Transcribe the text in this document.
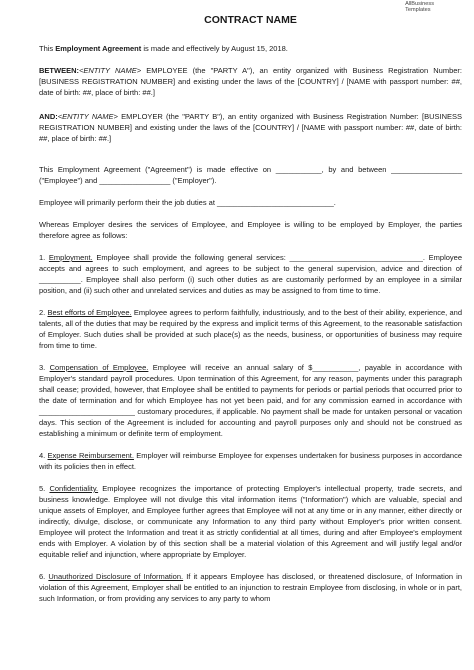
AllBusiness
Templates
CONTRACT NAME

This Employment Agreement is made and effectively by August 15, 2018.

BETWEEN:<ENTITY NAME> EMPLOYEE (the "PARTY A"), an entity organized with Business Registration Number: [BUSINESS REGISTRATION NUMBER] and existing under the laws of the [COUNTRY] / [NAME with passport number: ##, date of birth: ##, place of birth: ##.]

AND:<ENTITY NAME> EMPLOYER (the "PARTY B"), an entity organized with Business Registration Number: [BUSINESS REGISTRATION NUMBER] and existing under the laws of the [COUNTRY] / [NAME with passport number: ##, date of birth: ##, place of birth: ##.]

This Employment Agreement ("Agreement") is made effective on ___________, by and between _________________ ("Employee") and _________________ ("Employer").

Employee will primarily perform their the job duties at ____________________________.

Whereas Employer desires the services of Employee, and Employee is willing to be employed by Employer, the parties therefore agree as follows:

1. Employment. Employee shall provide the following general services: ________________________________. Employee accepts and agrees to such employment, and agrees to be subject to the general supervision, advice and direction of __________. Employee shall also perform (i) such other duties as are customarily performed by an employee in a similar position, and (ii) such other and unrelated services and duties as may be assigned to from time to time.

2. Best efforts of Employee. Employee agrees to perform faithfully, industriously, and to the best of their ability, experience, and talents, all of the duties that may be required by the express and implicit terms of this Agreement, to the reasonable satisfaction of Employer. Such duties shall be provided at such place(s) as the needs, business, or opportunities of business may require from time to time.

3. Compensation of Employee. Employee will receive an annual salary of $___________, payable in accordance with Employer's standard payroll procedures. Upon termination of this Agreement, for any reason, payments under this paragraph shall cease; provided, however, that Employee shall be entitled to payments for periods or partial periods that occurred prior to the date of termination and for which Employee has not yet been paid, and for any commission earned in accordance with _______________________ customary procedures, if applicable. No payment shall be made for untaken personal or vacation days. This section of the Agreement is included for accounting and payroll purposes only and should not be construed as establishing a minimum or definite term of employment.

4. Expense Reimbursement. Employer will reimburse Employee for expenses undertaken for business purposes in accordance with its policies then in effect.

5. Confidentiality. Employee recognizes the importance of protecting Employer's intellectual property, trade secrets, and business knowledge. Employee will not divulge this vital information items ("Information") which are valuable, special and unique assets of Employer, and Employee further agrees that Employee will not at any time or in any manner, either directly or indirectly, divulge, disclose, or communicate any Information to any third party without Employer's prior written consent. Employee will protect the Information and treat it as strictly confidential at all times, during and after Employee's employment ends with Employer. A violation by of this section shall be a material violation of this Agreement and will justify legal and/or equitable relief and injunction, where appropriate by Employer.

6. Unauthorized Disclosure of Information. If it appears Employee has disclosed, or threatened disclosure, of Information in violation of this Agreement, Employer shall be entitled to an injunction to restrain Employee from disclosing, in whole or in part, such Information, or from providing any services to any party to whom
